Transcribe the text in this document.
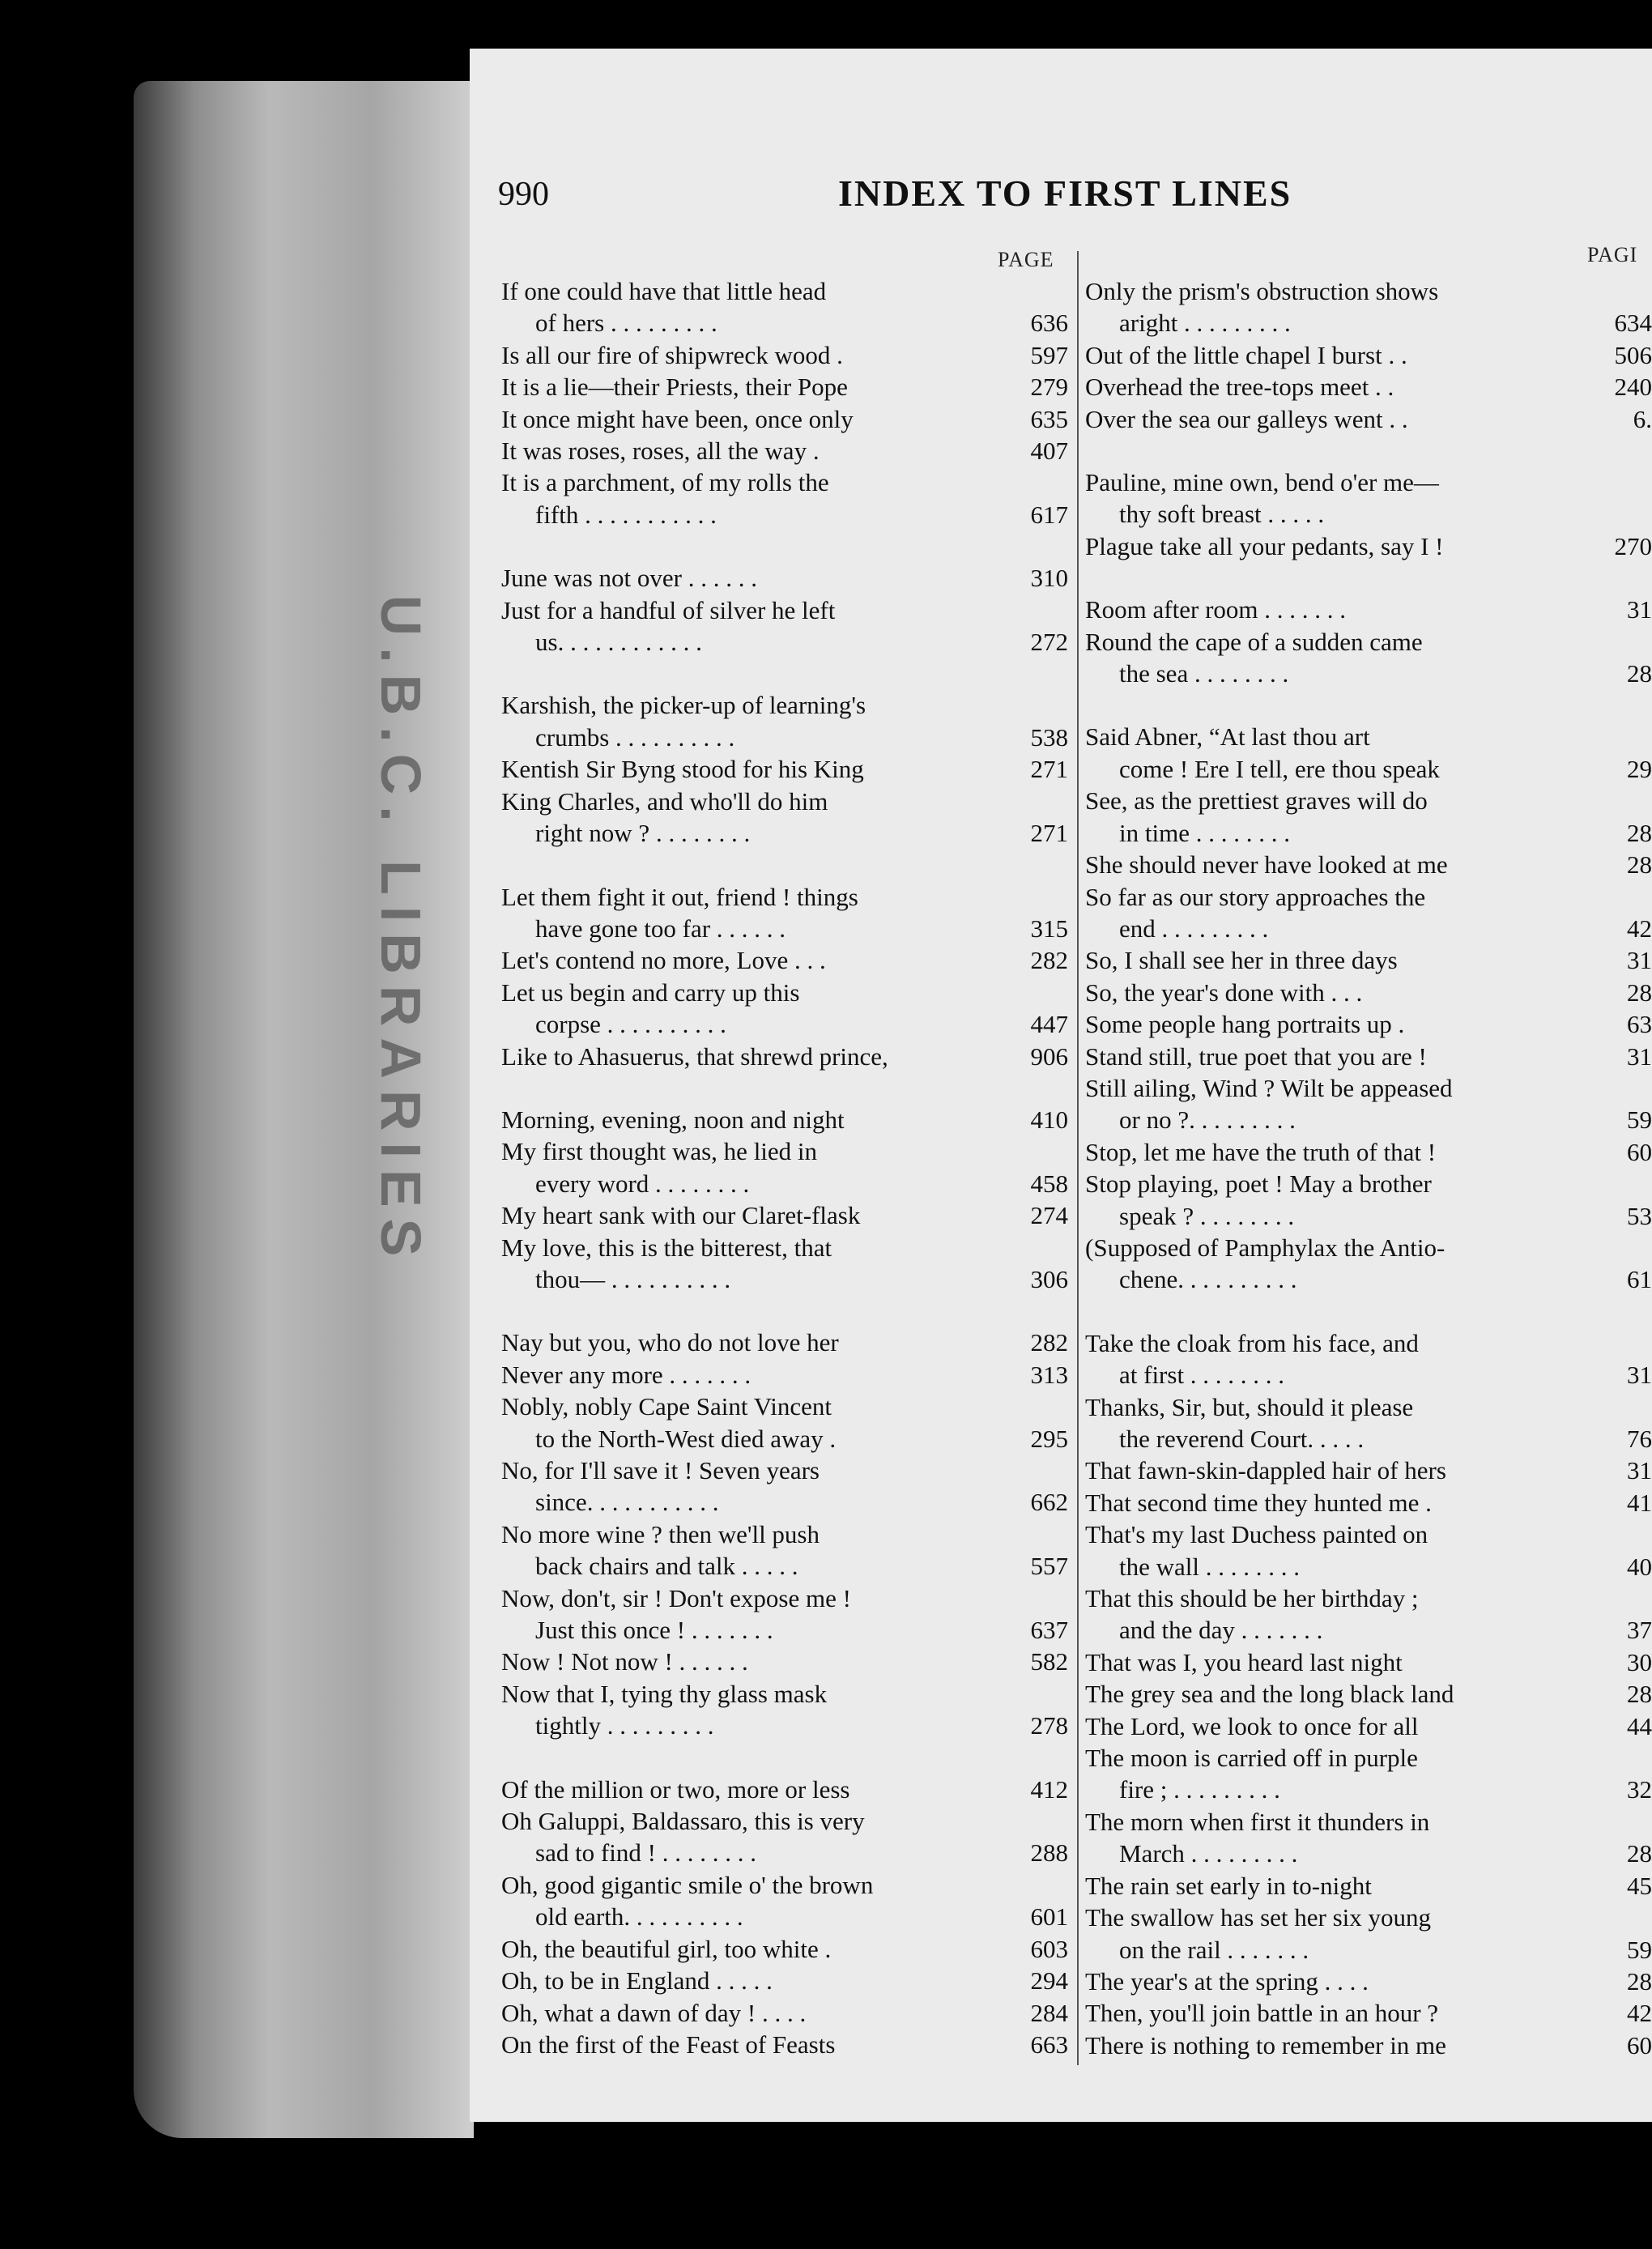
U.B.C. LIBRARIES
990	INDEX TO FIRST LINES
PAGE	PAGI
If one could have that little head
of hers . . . . . . . . .	636
Is all our fire of shipwreck wood .	597
It is a lie—their Priests, their Pope	279
It once might have been, once only	635
It was roses, roses, all the way .	407
It is a parchment, of my rolls the
fifth . . . . . . . . . . .	617
June was not over . . . . . .	310
Just for a handful of silver he left
us. . . . . . . . . . . .	272
Karshish, the picker-up of learning's
crumbs . . . . . . . . . .	538
Kentish Sir Byng stood for his King	271
King Charles, and who'll do him
right now ? . . . . . . . .	271
Let them fight it out, friend ! things
have gone too far . . . . . .	315
Let's contend no more, Love . . .	282
Let us begin and carry up this
corpse . . . . . . . . . .	447
Like to Ahasuerus, that shrewd prince,	906
Morning, evening, noon and night	410
My first thought was, he lied in
every word . . . . . . . .	458
My heart sank with our Claret-flask	274
My love, this is the bitterest, that
thou— . . . . . . . . . .	306
Nay but you, who do not love her	282
Never any more . . . . . . .	313
Nobly, nobly Cape Saint Vincent
to the North-West died away .	295
No, for I'll save it ! Seven years
since. . . . . . . . . . .	662
No more wine ? then we'll push
back chairs and talk . . . . .	557
Now, don't, sir ! Don't expose me !
Just this once ! . . . . . . .	637
Now ! Not now ! . . . . . .	582
Now that I, tying thy glass mask
tightly . . . . . . . . .	278
Of the million or two, more or less	412
Oh Galuppi, Baldassaro, this is very
sad to find ! . . . . . . . .	288
Oh, good gigantic smile o' the brown
old earth. . . . . . . . . .	601
Oh, the beautiful girl, too white .	603
Oh, to be in England . . . . .	294
Oh, what a dawn of day ! . . . .	284
On the first of the Feast of Feasts	663
Only the prism's obstruction shows
aright . . . . . . . . .	634
Out of the little chapel I burst . .	506
Overhead the tree-tops meet . .	240
Over the sea our galleys went . .	6.
Pauline, mine own, bend o'er me—
thy soft breast . . . . .
Plague take all your pedants, say I !	270
Room after room . . . . . . .	31
Round the cape of a sudden came
the sea . . . . . . . .	28
Said Abner, “At last thou art
come ! Ere I tell, ere thou speak	29
See, as the prettiest graves will do
in time . . . . . . . .	28
She should never have looked at me	28
So far as our story approaches the
end . . . . . . . . .	42
So, I shall see her in three days	31
So, the year's done with . . .	28
Some people hang portraits up .	63
Stand still, true poet that you are !	31
Still ailing, Wind ? Wilt be appeased
or no ?. . . . . . . . .	59
Stop, let me have the truth of that !	60
Stop playing, poet ! May a brother
speak ? . . . . . . . .	53
(Supposed of Pamphylax the Antio-
chene. . . . . . . . . .	61
Take the cloak from his face, and
at first . . . . . . . .	31
Thanks, Sir, but, should it please
the reverend Court. . . . .	76
That fawn-skin-dappled hair of hers	31
That second time they hunted me .	41
That's my last Duchess painted on
the wall . . . . . . . .	40
That this should be her birthday ;
and the day . . . . . . .	37
That was I, you heard last night	30
The grey sea and the long black land	28
The Lord, we look to once for all	44
The moon is carried off in purple
fire ; . . . . . . . . .	32
The morn when first it thunders in
March . . . . . . . . .	28
The rain set early in to-night	45
The swallow has set her six young
on the rail . . . . . . .	59
The year's at the spring . . . .	28
Then, you'll join battle in an hour ?	42
There is nothing to remember in me	60
